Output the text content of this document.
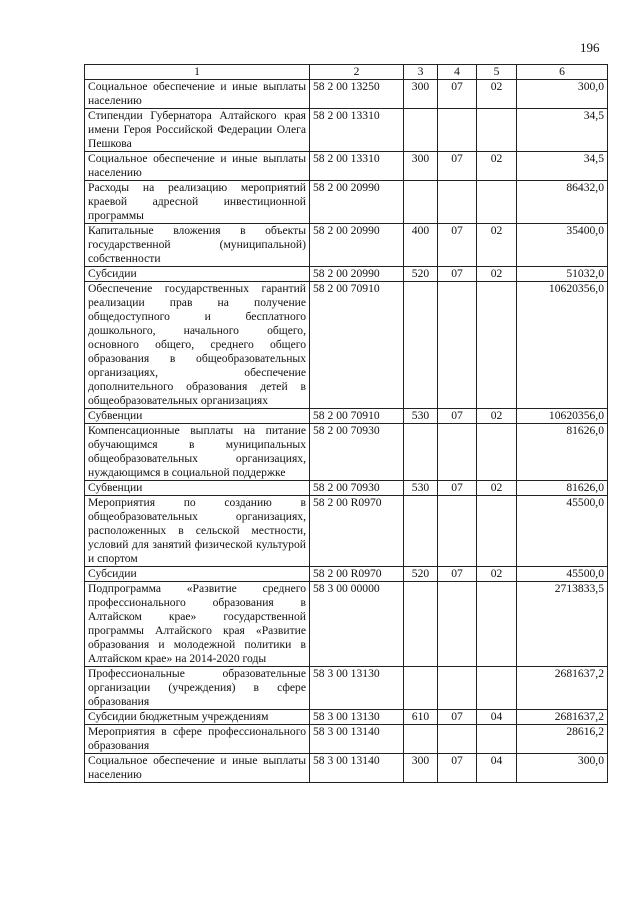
196
1	2	3	4	5	6
Социальное обеспечение и иные выплаты населению	58 2 00 13250	300	07	02	300,0
Стипендии Губернатора Алтайского края имени Героя Российской Федерации Олега Пешкова	58 2 00 13310				34,5
Социальное обеспечение и иные выплаты населению	58 2 00 13310	300	07	02	34,5
Расходы на реализацию мероприятий краевой адресной инвестиционной программы	58 2 00 20990				86432,0
Капитальные вложения в объекты государственной (муниципальной) собственности	58 2 00 20990	400	07	02	35400,0
Субсидии	58 2 00 20990	520	07	02	51032,0
Обеспечение государственных гарантий реализации прав на получение общедоступного и бесплатного дошкольного, начального общего, основного общего, среднего общего образования в общеобразовательных организациях, обеспечение дополнительного образования детей в общеобразовательных организациях	58 2 00 70910				10620356,0
Субвенции	58 2 00 70910	530	07	02	10620356,0
Компенсационные выплаты на питание обучающимся в муниципальных общеобразовательных организациях, нуждающимся в социальной поддержке	58 2 00 70930				81626,0
Субвенции	58 2 00 70930	530	07	02	81626,0
Мероприятия по созданию в общеобразовательных организациях, расположенных в сельской местности, условий для занятий физической культурой и спортом	58 2 00 R0970				45500,0
Субсидии	58 2 00 R0970	520	07	02	45500,0
Подпрограмма «Развитие среднего профессионального образования в Алтайском крае» государственной программы Алтайского края «Развитие образования и молодежной политики в Алтайском крае» на 2014-2020 годы	58 3 00 00000				2713833,5
Профессиональные образовательные организации (учреждения) в сфере образования	58 3 00 13130				2681637,2
Субсидии бюджетным учреждениям	58 3 00 13130	610	07	04	2681637,2
Мероприятия в сфере профессионального образования	58 3 00 13140				28616,2
Социальное обеспечение и иные выплаты населению	58 3 00 13140	300	07	04	300,0
